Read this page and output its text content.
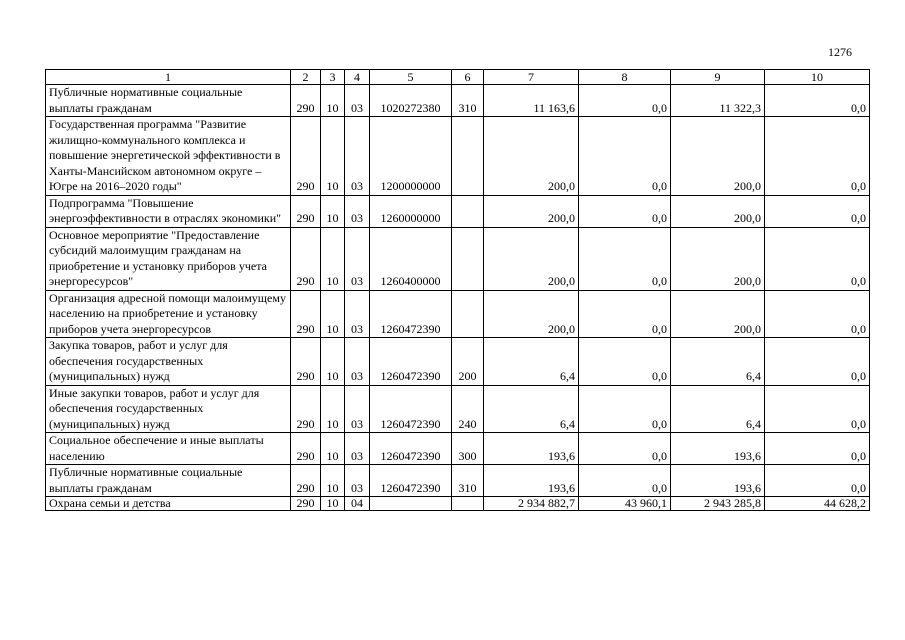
1276
1	2	3	4	5	6	7	8	9	10
Публичные нормативные социальные выплаты гражданам	290	10	03	1020272380	310	11 163,6	0,0	11 322,3	0,0
Государственная программа "Развитие жилищно-коммунального комплекса и повышение энергетической эффективности в Ханты-Мансийском автономном округе – Югре на 2016–2020 годы"	290	10	03	1200000000		200,0	0,0	200,0	0,0
Подпрограмма "Повышение энергоэффективности в отраслях экономики"	290	10	03	1260000000		200,0	0,0	200,0	0,0
Основное мероприятие "Предоставление субсидий малоимущим гражданам на приобретение и установку приборов учета энергоресурсов"	290	10	03	1260400000		200,0	0,0	200,0	0,0
Организация адресной помощи малоимущему населению на приобретение и установку приборов учета энергоресурсов	290	10	03	1260472390		200,0	0,0	200,0	0,0
Закупка товаров, работ и услуг для обеспечения государственных (муниципальных) нужд	290	10	03	1260472390	200	6,4	0,0	6,4	0,0
Иные закупки товаров, работ и услуг для обеспечения государственных (муниципальных) нужд	290	10	03	1260472390	240	6,4	0,0	6,4	0,0
Социальное обеспечение и иные выплаты населению	290	10	03	1260472390	300	193,6	0,0	193,6	0,0
Публичные нормативные социальные выплаты гражданам	290	10	03	1260472390	310	193,6	0,0	193,6	0,0
Охрана семьи и детства	290	10	04			2 934 882,7	43 960,1	2 943 285,8	44 628,2
